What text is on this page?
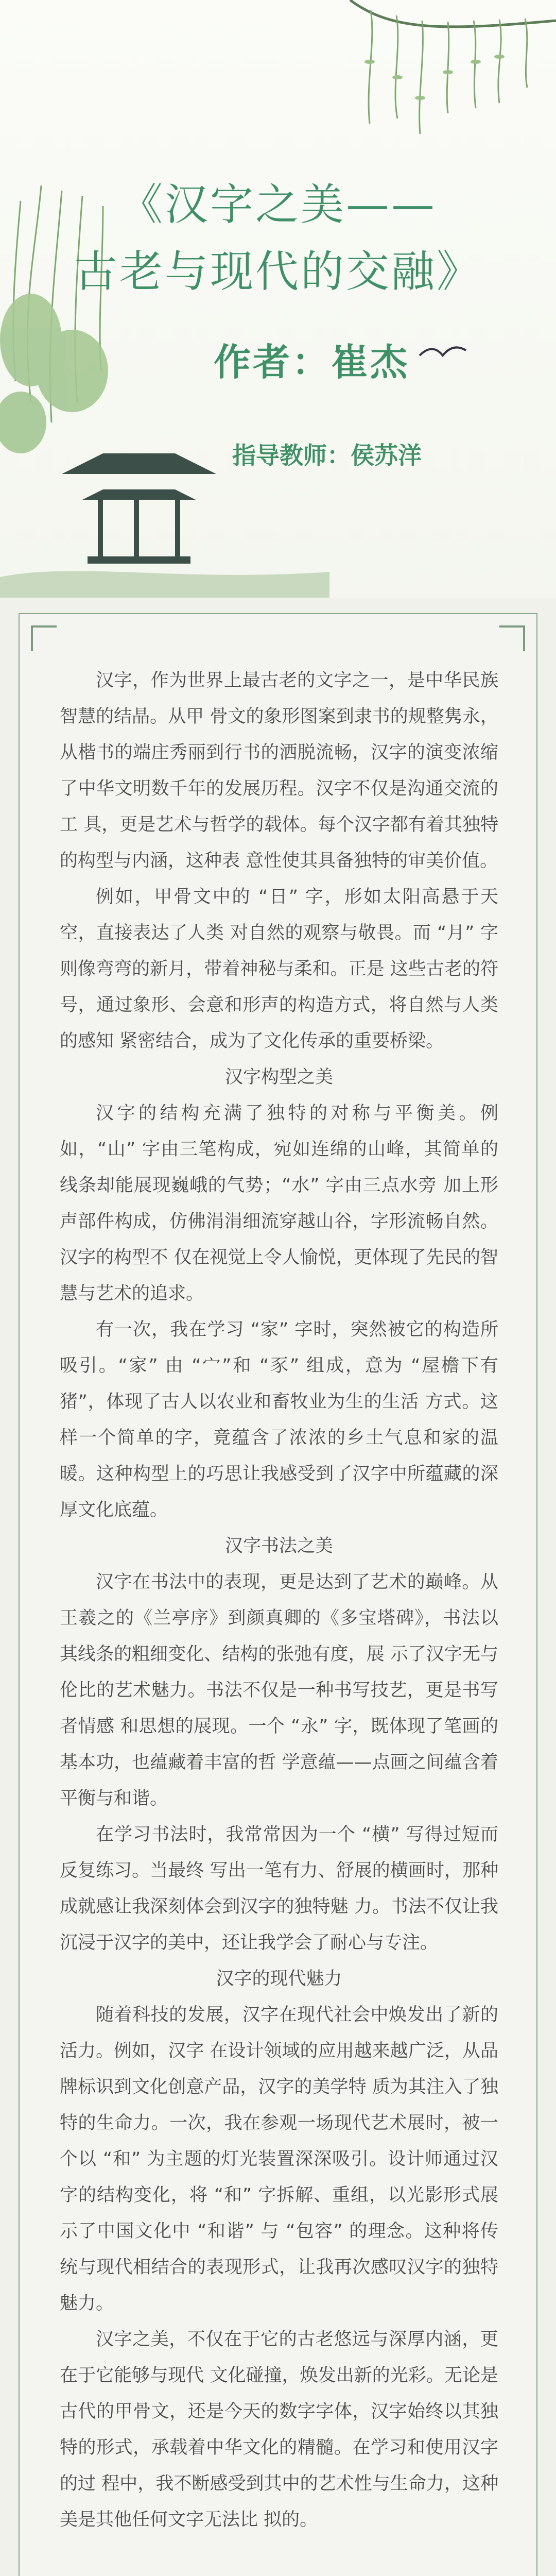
《汉字之美——
古老与现代的交融》
作者：崔杰
指导教师：侯苏洋

汉字，作为世界上最古老的文字之一，是中华民族智慧的结晶。从甲 骨文的象形图案到隶书的规整隽永，从楷书的端庄秀丽到行书的洒脱流畅，汉字的演变浓缩了中华文明数千年的发展历程。汉字不仅是沟通交流的工 具，更是艺术与哲学的载体。每个汉字都有着其独特的构型与内涵，这种表 意性使其具备独特的审美价值。

例如，甲骨文中的 “日” 字，形如太阳高悬于天空，直接表达了人类 对自然的观察与敬畏。而 “月” 字则像弯弯的新月，带着神秘与柔和。正是 这些古老的符号，通过象形、会意和形声的构造方式，将自然与人类的感知 紧密结合，成为了文化传承的重要桥梁。

汉字构型之美

汉字的结构充满了独特的对称与平衡美。例如，“山” 字由三笔构成，宛如连绵的山峰，其简单的线条却能展现巍峨的气势；“水” 字由三点水旁 加上形声部件构成，仿佛涓涓细流穿越山谷，字形流畅自然。汉字的构型不 仅在视觉上令人愉悦，更体现了先民的智慧与艺术的追求。

有一次，我在学习 “家” 字时，突然被它的构造所吸引。“家” 由 “宀”和 “豕” 组成，意为 “屋檐下有猪”，体现了古人以农业和畜牧业为生的生活 方式。这样一个简单的字，竟蕴含了浓浓的乡土气息和家的温暖。这种构型上的巧思让我感受到了汉字中所蕴藏的深厚文化底蕴。

汉字书法之美

汉字在书法中的表现，更是达到了艺术的巅峰。从王羲之的《兰亭序》到颜真卿的《多宝塔碑》，书法以其线条的粗细变化、结构的张弛有度，展 示了汉字无与伦比的艺术魅力。书法不仅是一种书写技艺，更是书写者情感 和思想的展现。一个 “永” 字，既体现了笔画的基本功，也蕴藏着丰富的哲 学意蕴——点画之间蕴含着平衡与和谐。

在学习书法时，我常常因为一个 “横” 写得过短而反复练习。当最终 写出一笔有力、舒展的横画时，那种成就感让我深刻体会到汉字的独特魅 力。书法不仅让我沉浸于汉字的美中，还让我学会了耐心与专注。

汉字的现代魅力

随着科技的发展，汉字在现代社会中焕发出了新的活力。例如，汉字 在设计领域的应用越来越广泛，从品牌标识到文化创意产品，汉字的美学特 质为其注入了独特的生命力。一次，我在参观一场现代艺术展时，被一个以 “和” 为主题的灯光装置深深吸引。设计师通过汉字的结构变化，将 “和” 字拆解、重组，以光影形式展示了中国文化中 “和谐” 与 “包容” 的理念。这种将传统与现代相结合的表现形式，让我再次感叹汉字的独特魅力。

汉字之美，不仅在于它的古老悠远与深厚内涵，更在于它能够与现代 文化碰撞，焕发出新的光彩。无论是古代的甲骨文，还是今天的数字字体，汉字始终以其独特的形式，承载着中华文化的精髓。在学习和使用汉字的过 程中，我不断感受到其中的艺术性与生命力，这种美是其他任何文字无法比 拟的。
